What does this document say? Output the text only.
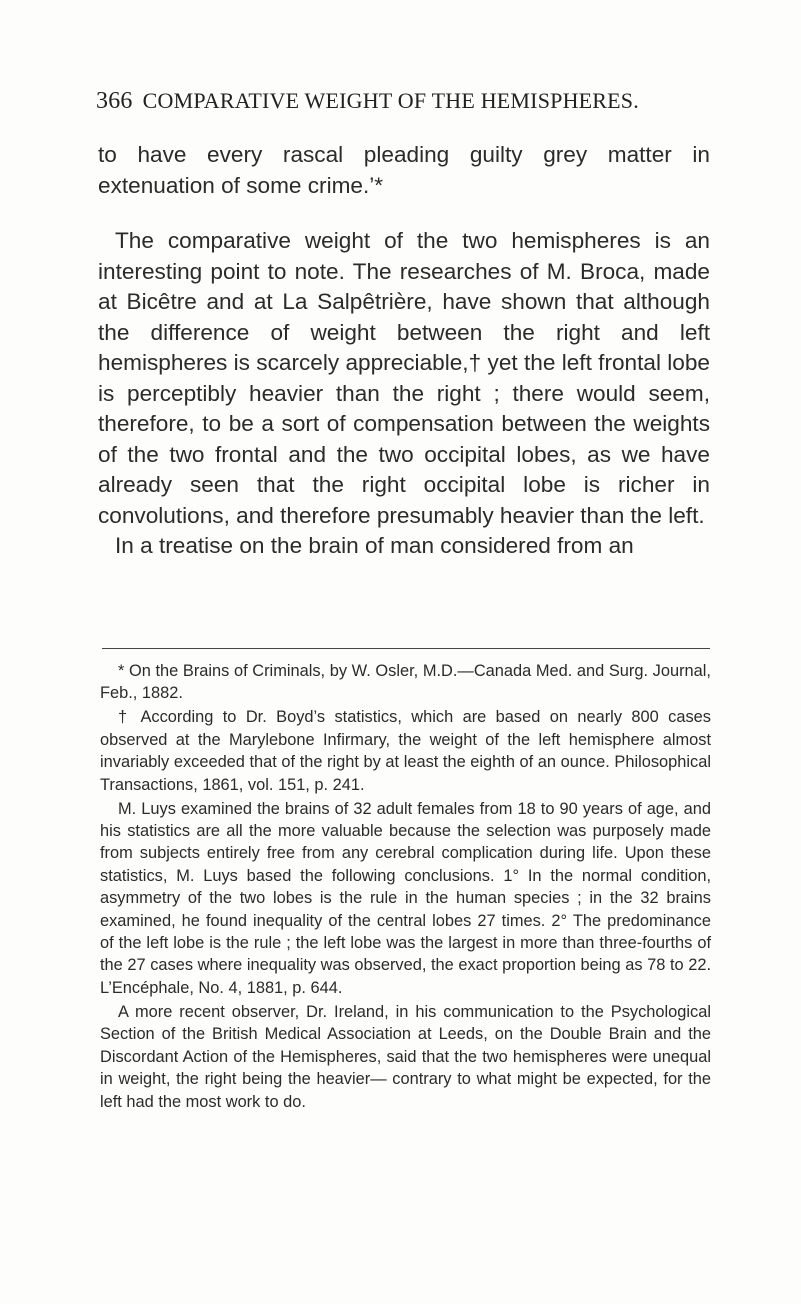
366 COMPARATIVE WEIGHT OF THE HEMISPHERES.

to have every rascal pleading guilty grey matter in extenuation of some crime.’*

The comparative weight of the two hemispheres is an interesting point to note. The researches of M. Broca, made at Bicêtre and at La Salpêtrière, have shown that although the difference of weight between the right and left hemispheres is scarcely appreciable,† yet the left frontal lobe is perceptibly heavier than the right ; there would seem, therefore, to be a sort of compensation between the weights of the two frontal and the two occipital lobes, as we have already seen that the right occipital lobe is richer in convolutions, and therefore presumably heavier than the left.

In a treatise on the brain of man considered from an

* On the Brains of Criminals, by W. Osler, M.D.—Canada Med. and Surg. Journal, Feb., 1882.

† According to Dr. Boyd’s statistics, which are based on nearly 800 cases observed at the Marylebone Infirmary, the weight of the left hemisphere almost invariably exceeded that of the right by at least the eighth of an ounce. Philosophical Transactions, 1861, vol. 151, p. 241.

M. Luys examined the brains of 32 adult females from 18 to 90 years of age, and his statistics are all the more valuable because the selection was purposely made from subjects entirely free from any cerebral complication during life. Upon these statistics, M. Luys based the following conclusions. 1° In the normal condition, asymmetry of the two lobes is the rule in the human species ; in the 32 brains examined, he found inequality of the central lobes 27 times. 2° The predominance of the left lobe is the rule ; the left lobe was the largest in more than three-fourths of the 27 cases where inequality was observed, the exact proportion being as 78 to 22. L’Encéphale, No. 4, 1881, p. 644.

A more recent observer, Dr. Ireland, in his communication to the Psychological Section of the British Medical Association at Leeds, on the Double Brain and the Discordant Action of the Hemispheres, said that the two hemispheres were unequal in weight, the right being the heavier— contrary to what might be expected, for the left had the most work to do.
